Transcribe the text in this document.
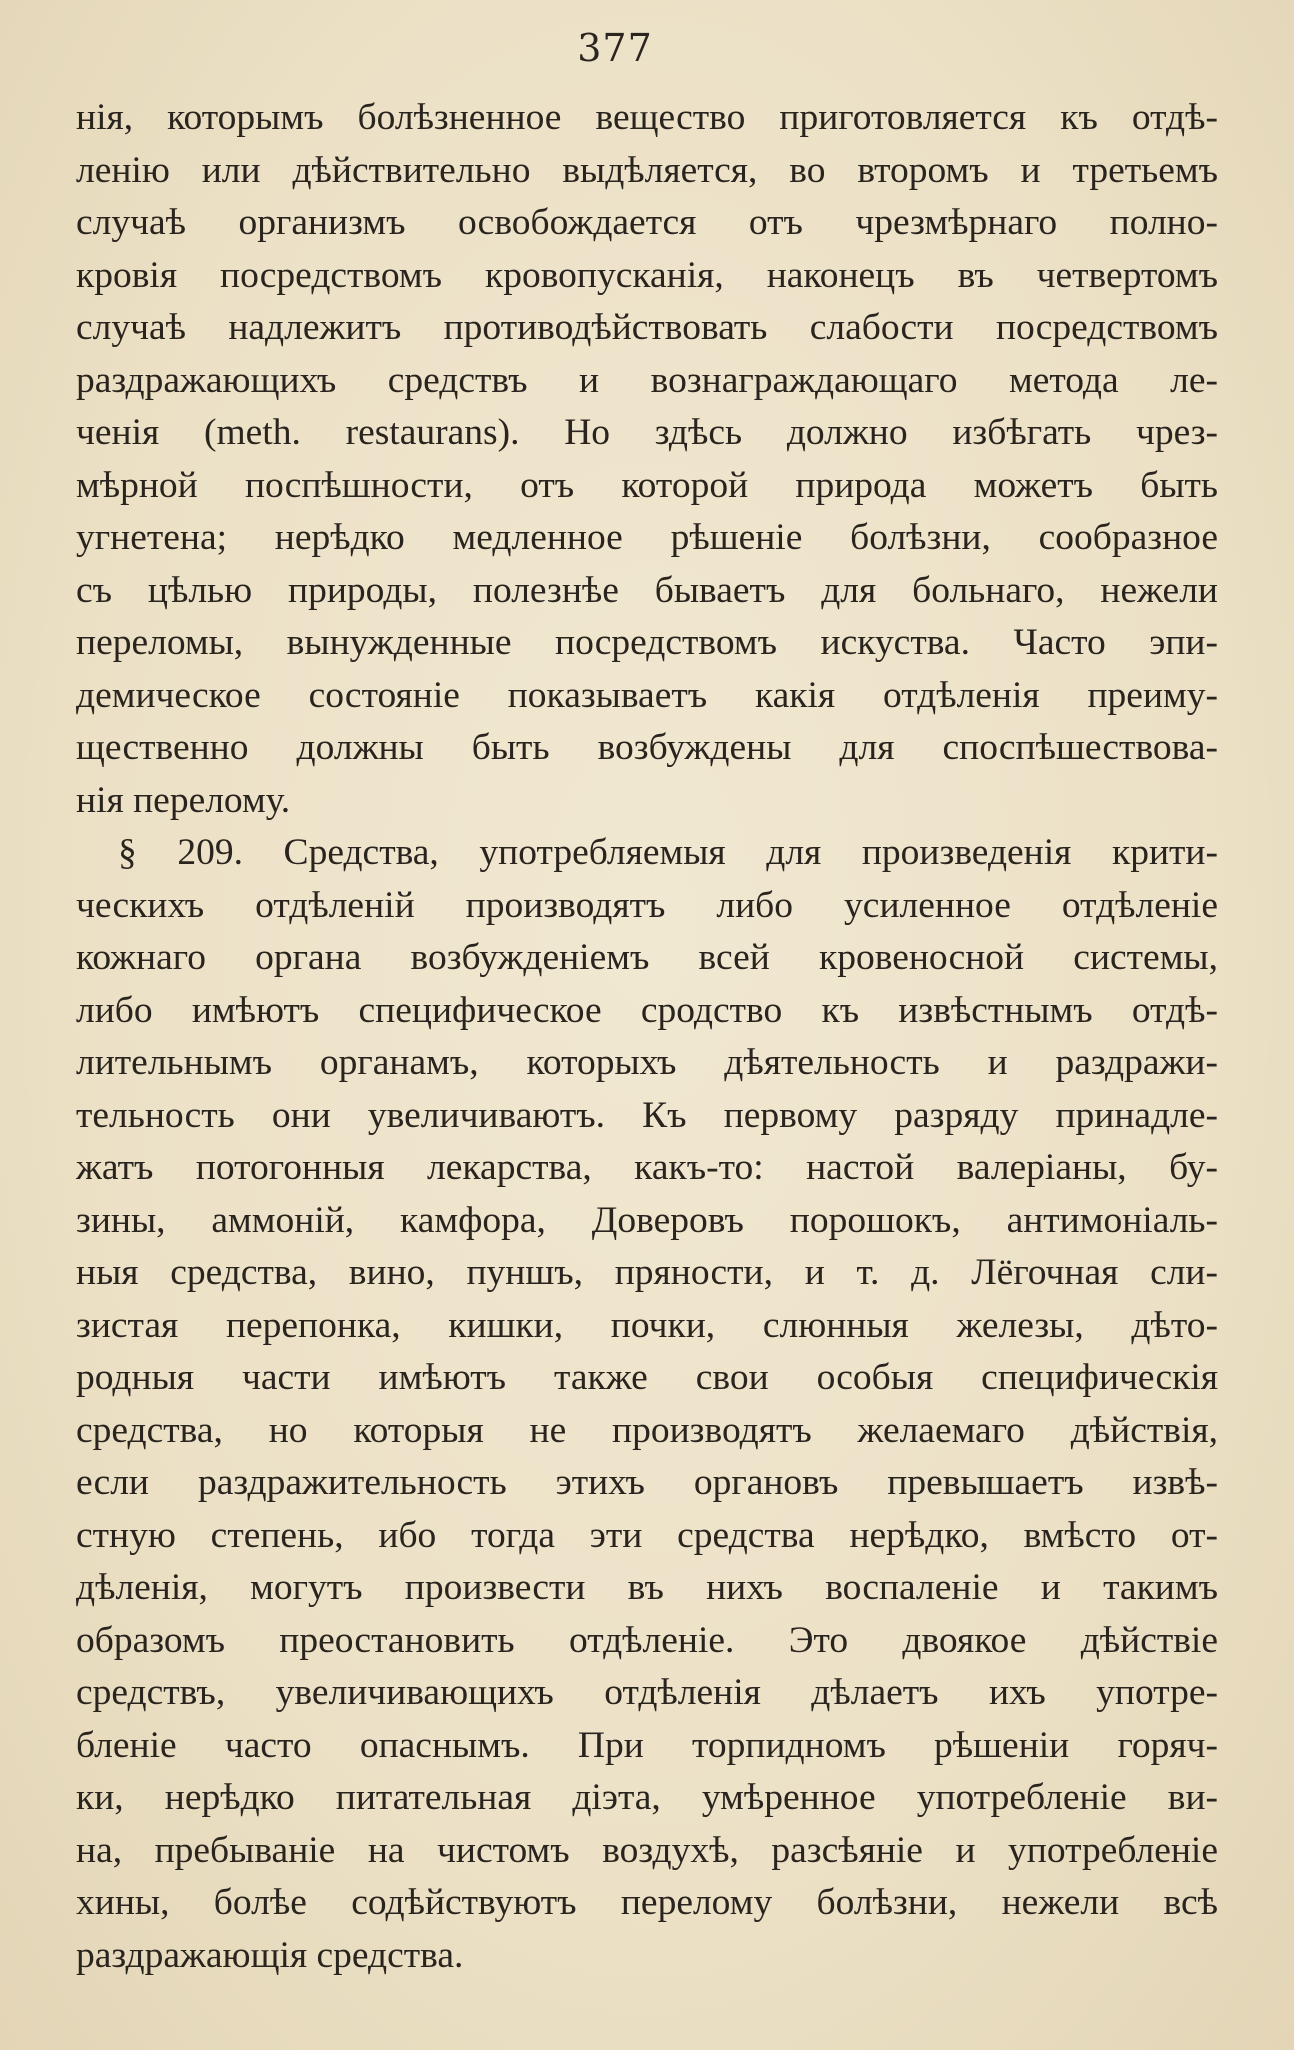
377
нія, которымъ болѣзненное вещество приготовляется къ отдѣ-
ленію или дѣйствительно выдѣляется, во второмъ и третьемъ
случаѣ организмъ освобождается отъ чрезмѣрнаго полно-
кровія посредствомъ кровопусканія, наконецъ въ четвертомъ
случаѣ надлежитъ противодѣйствовать слабости посредствомъ
раздражающихъ средствъ и вознаграждающаго метода ле-
ченія (meth. restaurans). Но здѣсь должно избѣгать чрез-
мѣрной поспѣшности, отъ которой природа можетъ быть
угнетена; нерѣдко медленное рѣшеніе болѣзни, сообразное
съ цѣлью природы, полезнѣе бываетъ для больнаго, нежели
переломы, вынужденные посредствомъ искуства. Часто эпи-
демическое состояніе показываетъ какія отдѣленія преиму-
щественно должны быть возбуждены для споспѣшествова-
нія перелому.
§ 209. Средства, употребляемыя для произведенія крити-
ческихъ отдѣленій производятъ либо усиленное отдѣленіе
кожнаго органа возбужденіемъ всей кровеносной системы,
либо имѣютъ специфическое сродство къ извѣстнымъ отдѣ-
лительнымъ органамъ, которыхъ дѣятельность и раздражи-
тельность они увеличиваютъ. Къ первому разряду принадле-
жатъ потогонныя лекарства, какъ-то: настой валеріаны, бу-
зины, аммоній, камфора, Доверовъ порошокъ, антимоніаль-
ныя средства, вино, пуншъ, пряности, и т. д. Лёгочная сли-
зистая перепонка, кишки, почки, слюнныя железы, дѣто-
родныя части имѣютъ также свои особыя специфическія
средства, но которыя не производятъ желаемаго дѣйствія,
если раздражительность этихъ органовъ превышаетъ извѣ-
стную степень, ибо тогда эти средства нерѣдко, вмѣсто от-
дѣленія, могутъ произвести въ нихъ воспаленіе и такимъ
образомъ преостановить отдѣленіе. Это двоякое дѣйствіе
средствъ, увеличивающихъ отдѣленія дѣлаетъ ихъ употре-
бленіе часто опаснымъ. При торпидномъ рѣшеніи горяч-
ки, нерѣдко питательная діэта, умѣренное употребленіе ви-
на, пребываніе на чистомъ воздухѣ, разсѣяніе и употребленіе
хины, болѣе содѣйствуютъ перелому болѣзни, нежели всѣ
раздражающія средства.
